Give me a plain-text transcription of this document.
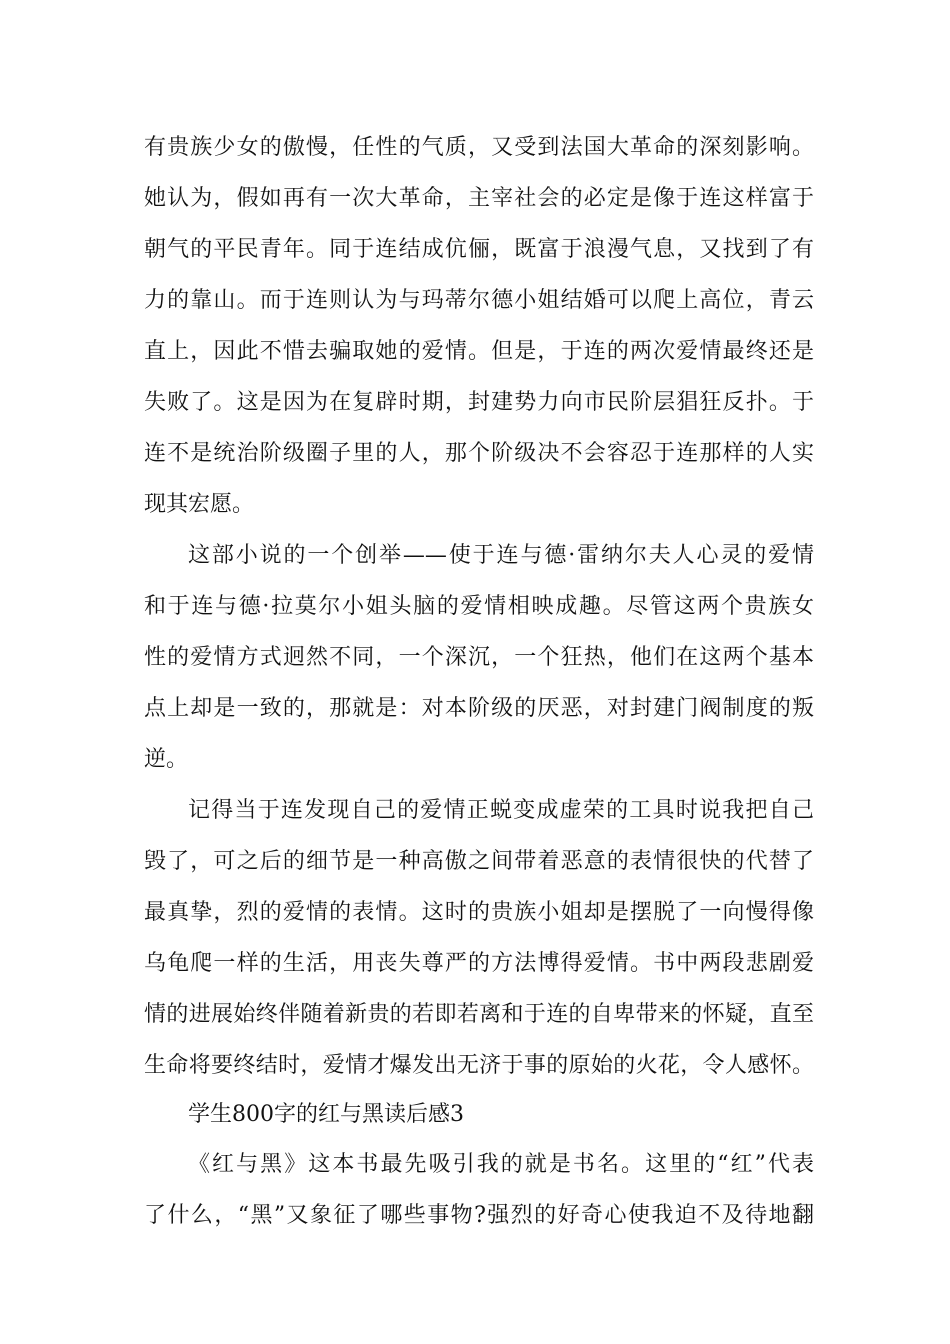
有贵族少女的傲慢，任性的气质，又受到法国大革命的深刻影响。
她认为，假如再有一次大革命，主宰社会的必定是像于连这样富于
朝气的平民青年。同于连结成伉俪，既富于浪漫气息，又找到了有
力的靠山。而于连则认为与玛蒂尔德小姐结婚可以爬上高位，青云
直上，因此不惜去骗取她的爱情。但是，于连的两次爱情最终还是
失败了。这是因为在复辟时期，封建势力向市民阶层猖狂反扑。于
连不是统治阶级圈子里的人，那个阶级决不会容忍于连那样的人实
现其宏愿。
这部小说的一个创举——使于连与德·雷纳尔夫人心灵的爱情
和于连与德·拉莫尔小姐头脑的爱情相映成趣。尽管这两个贵族女
性的爱情方式迥然不同，一个深沉，一个狂热，他们在这两个基本
点上却是一致的，那就是：对本阶级的厌恶，对封建门阀制度的叛
逆。
记得当于连发现自己的爱情正蜕变成虚荣的工具时说我把自己
毁了，可之后的细节是一种高傲之间带着恶意的表情很快的代替了
最真挚，烈的爱情的表情。这时的贵族小姐却是摆脱了一向慢得像
乌龟爬一样的生活，用丧失尊严的方法博得爱情。书中两段悲剧爱
情的进展始终伴随着新贵的若即若离和于连的自卑带来的怀疑，直至
生命将要终结时，爱情才爆发出无济于事的原始的火花，令人感怀。
学生800字的红与黑读后感3
《红与黑》这本书最先吸引我的就是书名。这里的“红”代表
了什么，“黑”又象征了哪些事物?强烈的好奇心使我迫不及待地翻
